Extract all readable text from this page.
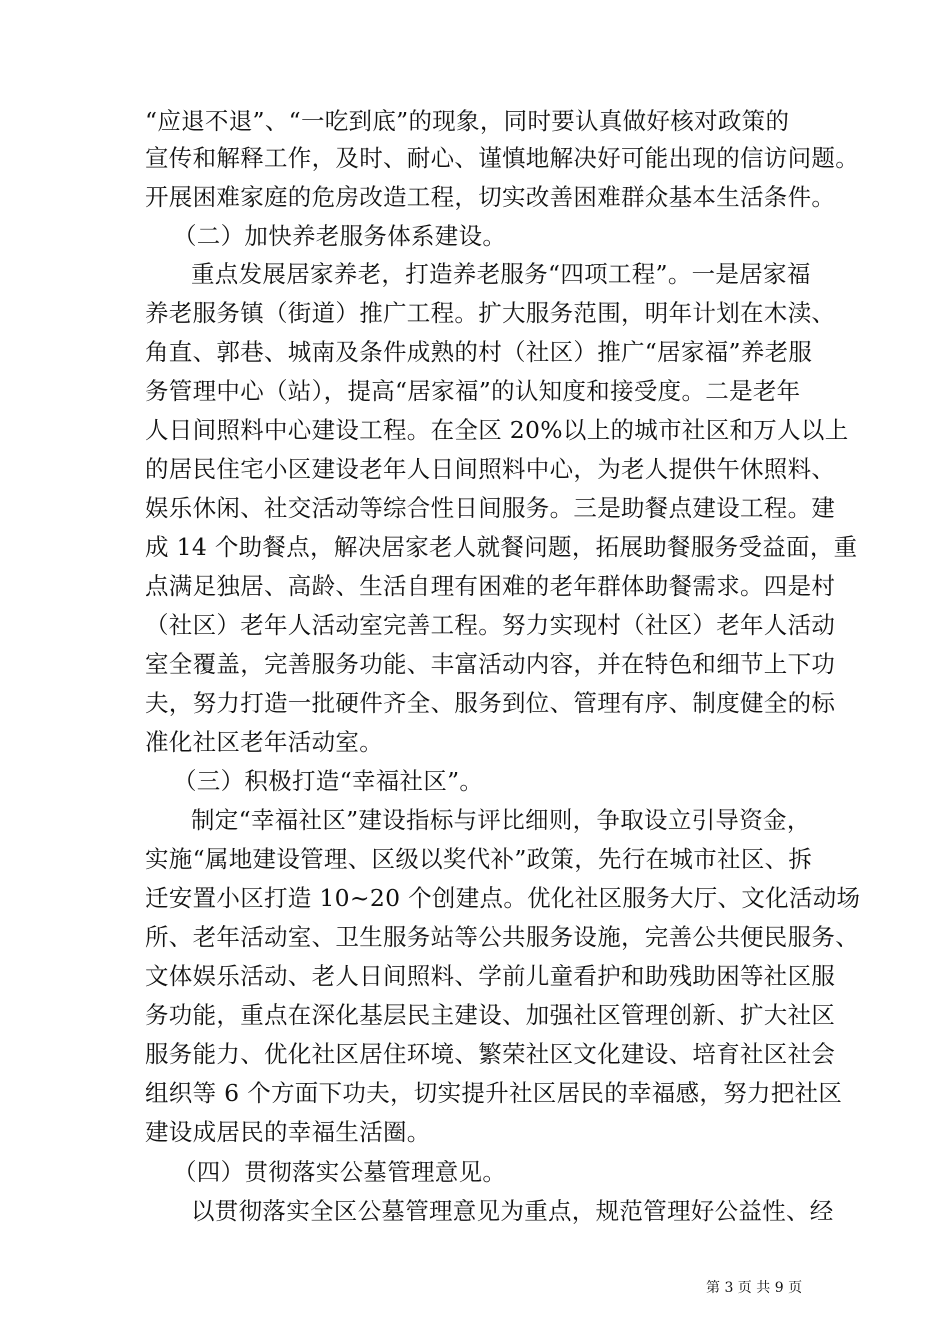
“应退不退”、“一吃到底”的现象，同时要认真做好核对政策的
宣传和解释工作，及时、耐心、谨慎地解决好可能出现的信访问题。
开展困难家庭的危房改造工程，切实改善困难群众基本生活条件。
（二）加快养老服务体系建设。
重点发展居家养老，打造养老服务“四项工程”。一是居家福
养老服务镇（街道）推广工程。扩大服务范围，明年计划在木渎、
角直、郭巷、城南及条件成熟的村（社区）推广“居家福”养老服
务管理中心（站），提高“居家福”的认知度和接受度。二是老年
人日间照料中心建设工程。在全区 20%以上的城市社区和万人以上
的居民住宅小区建设老年人日间照料中心，为老人提供午休照料、
娱乐休闲、社交活动等综合性日间服务。三是助餐点建设工程。建
成 14 个助餐点，解决居家老人就餐问题，拓展助餐服务受益面，重
点满足独居、高龄、生活自理有困难的老年群体助餐需求。四是村
（社区）老年人活动室完善工程。努力实现村（社区）老年人活动
室全覆盖，完善服务功能、丰富活动内容，并在特色和细节上下功
夫，努力打造一批硬件齐全、服务到位、管理有序、制度健全的标
准化社区老年活动室。
（三）积极打造“幸福社区”。
制定“幸福社区”建设指标与评比细则，争取设立引导资金，
实施“属地建设管理、区级以奖代补”政策，先行在城市社区、拆
迁安置小区打造 10~20 个创建点。优化社区服务大厅、文化活动场
所、老年活动室、卫生服务站等公共服务设施，完善公共便民服务、
文体娱乐活动、老人日间照料、学前儿童看护和助残助困等社区服
务功能，重点在深化基层民主建设、加强社区管理创新、扩大社区
服务能力、优化社区居住环境、繁荣社区文化建设、培育社区社会
组织等 6 个方面下功夫，切实提升社区居民的幸福感，努力把社区
建设成居民的幸福生活圈。
（四）贯彻落实公墓管理意见。
以贯彻落实全区公墓管理意见为重点，规范管理好公益性、经
第 3 页 共 9 页
